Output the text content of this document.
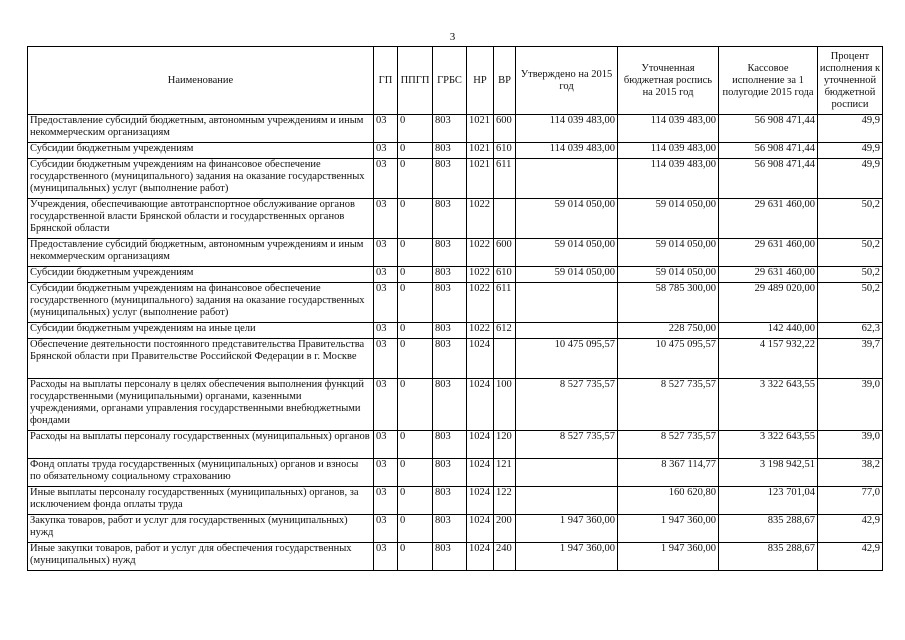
3
Наименование	ГП	ППГП	ГРБС	НР	ВР	Утверждено на 2015 год	Уточненная бюджетная роспись на 2015 год	Кассовое исполнение за 1 полугодие 2015 года	Процент исполнения к уточненной бюджетной росписи
Предоставление субсидий бюджетным, автономным учреждениям и иным некоммерческим организациям	03	0	803	1021	600	114 039 483,00	114 039 483,00	56 908 471,44	49,9
Субсидии бюджетным учреждениям	03	0	803	1021	610	114 039 483,00	114 039 483,00	56 908 471,44	49,9
Субсидии бюджетным учреждениям на финансовое обеспечение государственного (муниципального) задания на оказание государственных (муниципальных) услуг (выполнение работ)	03	0	803	1021	611		114 039 483,00	56 908 471,44	49,9
Учреждения, обеспечивающие автотранспортное обслуживание органов государственной власти Брянской области и государственных органов Брянской области	03	0	803	1022		59 014 050,00	59 014 050,00	29 631 460,00	50,2
Предоставление субсидий бюджетным, автономным учреждениям и иным некоммерческим организациям	03	0	803	1022	600	59 014 050,00	59 014 050,00	29 631 460,00	50,2
Субсидии бюджетным учреждениям	03	0	803	1022	610	59 014 050,00	59 014 050,00	29 631 460,00	50,2
Субсидии бюджетным учреждениям на финансовое обеспечение государственного (муниципального) задания на оказание государственных (муниципальных) услуг (выполнение работ)	03	0	803	1022	611		58 785 300,00	29 489 020,00	50,2
Субсидии бюджетным учреждениям на иные цели	03	0	803	1022	612		228 750,00	142 440,00	62,3
Обеспечение деятельности постоянного представительства Правительства Брянской области при Правительстве Российской Федерации в г. Москве	03	0	803	1024		10 475 095,57	10 475 095,57	4 157 932,22	39,7
Расходы на выплаты персоналу в целях обеспечения выполнения функций государственными (муниципальными) органами, казенными учреждениями, органами управления государственными внебюджетными фондами	03	0	803	1024	100	8 527 735,57	8 527 735,57	3 322 643,55	39,0
Расходы на выплаты персоналу государственных (муниципальных) органов	03	0	803	1024	120	8 527 735,57	8 527 735,57	3 322 643,55	39,0
Фонд оплаты труда государственных (муниципальных) органов и взносы по обязательному социальному страхованию	03	0	803	1024	121		8 367 114,77	3 198 942,51	38,2
Иные выплаты персоналу государственных (муниципальных) органов, за исключением фонда оплаты труда	03	0	803	1024	122		160 620,80	123 701,04	77,0
Закупка товаров, работ и услуг для государственных (муниципальных) нужд	03	0	803	1024	200	1 947 360,00	1 947 360,00	835 288,67	42,9
Иные закупки товаров, работ и услуг для обеспечения государственных (муниципальных) нужд	03	0	803	1024	240	1 947 360,00	1 947 360,00	835 288,67	42,9
